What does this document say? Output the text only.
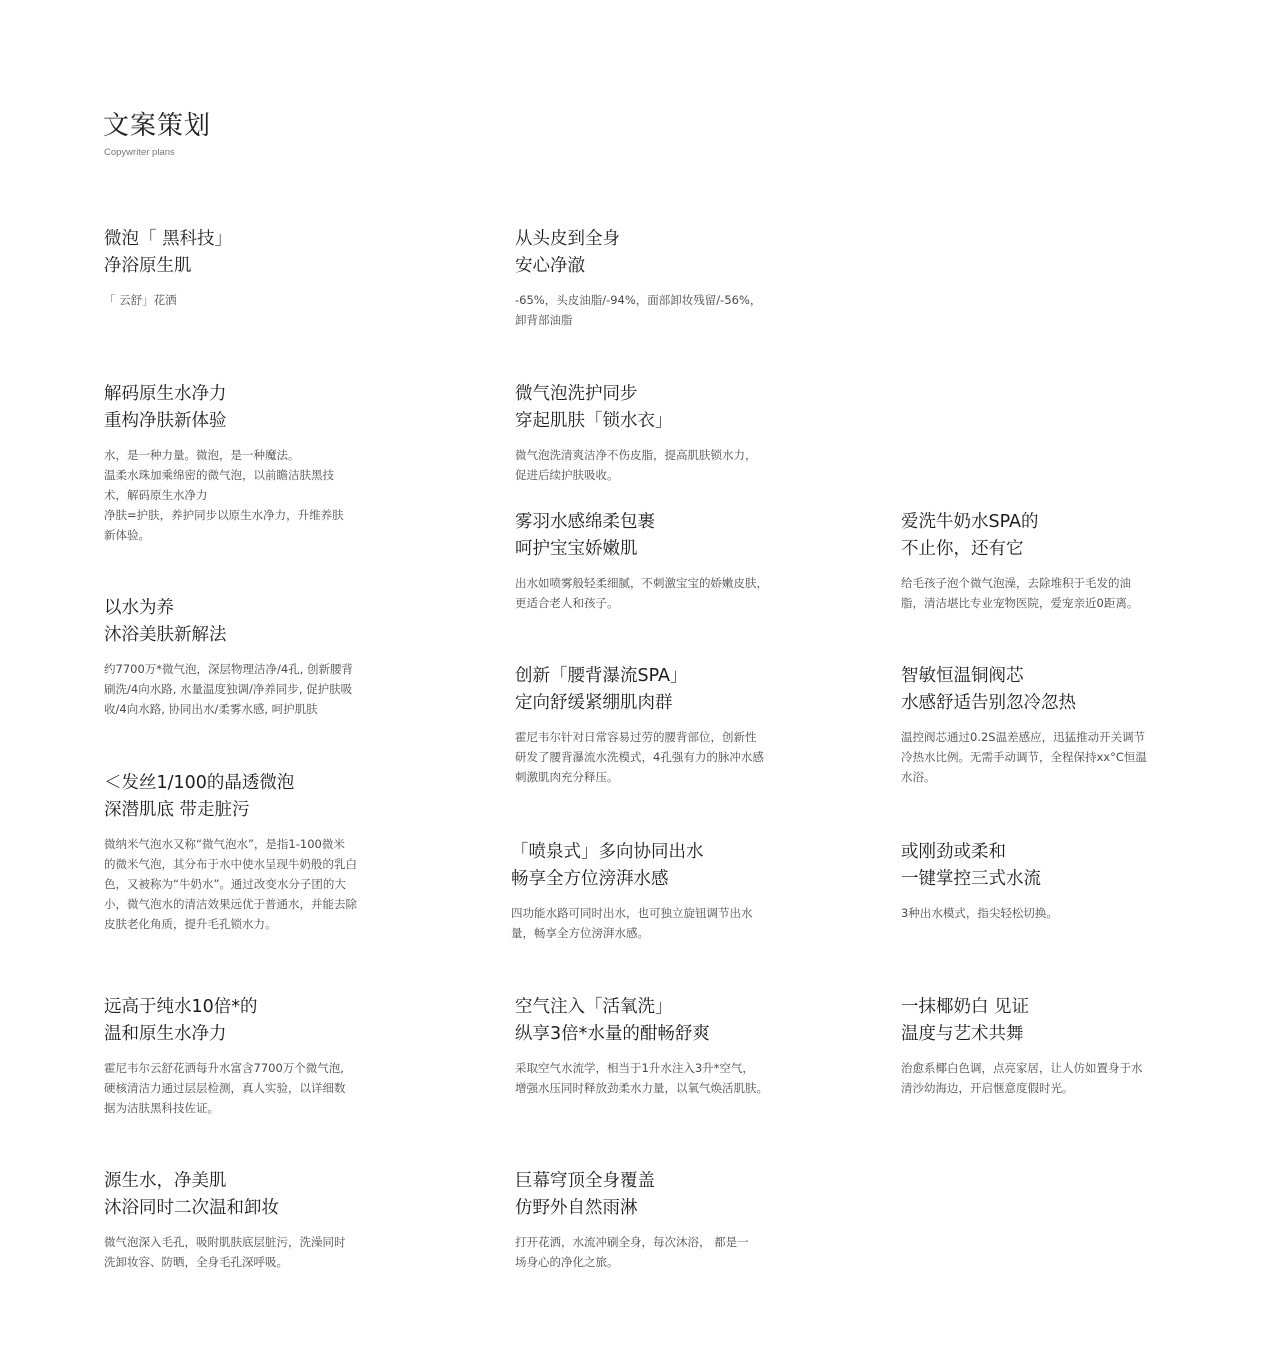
文案策划
Copywriter plans
微泡「 黑科技」
净浴原生肌

「 云舒」花洒

从头皮到全身
安心净澈

-65%，头皮油脂/-94%，面部卸妆残留/-56%，
卸背部油脂

解码原生水净力
重构净肤新体验

水，是一种力量。微泡，是一种魔法。
温柔水珠加乘绵密的微气泡，以前瞻洁肤黑技
术，解码原生水净力
净肤=护肤，养护同步以原生水净力，升维养肤
新体验。

微气泡洗护同步
穿起肌肤「锁水衣」

微气泡洗清爽洁净不伤皮脂，提高肌肤锁水力，
促进后续护肤吸收。

雾羽水感绵柔包裹
呵护宝宝娇嫩肌

出水如喷雾般轻柔细腻，不刺激宝宝的娇嫩皮肤，
更适合老人和孩子。

爱洗牛奶水SPA的
不止你，还有它

给毛孩子泡个微气泡澡，去除堆积于毛发的油
脂，清洁堪比专业宠物医院，爱宠亲近0距离。

以水为养
沐浴美肤新解法

约7700万*微气泡，深层物理洁净/4孔, 创新腰背
刷洗/4向水路, 水量温度独调/净养同步, 促护肤吸
收/4向水路, 协同出水/柔雾水感, 呵护肌肤

创新「腰背瀑流SPA」
定向舒缓紧绷肌肉群

霍尼韦尔针对日常容易过劳的腰背部位，创新性
研发了腰背瀑流水洗模式，4孔强有力的脉冲水感
刺激肌肉充分释压。

智敏恒温铜阀芯
水感舒适告别忽冷忽热

温控阀芯通过0.2S温差感应，迅猛推动开关调节
冷热水比例。无需手动调节，全程保持xx°C恒温
水浴。

＜发丝1/100的晶透微泡
深潜肌底 带走脏污

微纳米气泡水又称“微气泡水”，是指1-100微米
的微米气泡，其分布于水中使水呈现牛奶般的乳白
色，又被称为“牛奶水”。通过改变水分子团的大
小，微气泡水的清洁效果远优于普通水，并能去除
皮肤老化角质，提升毛孔锁水力。

「喷泉式」多向协同出水
畅享全方位滂湃水感

四功能水路可同时出水，也可独立旋钮调节出水
量，畅享全方位滂湃水感。

或刚劲或柔和
一键掌控三式水流

3种出水模式，指尖轻松切换。

远高于纯水10倍*的
温和原生水净力

霍尼韦尔云舒花洒每升水富含7700万个微气泡,
硬核清洁力通过层层检测，真人实验，以详细数
据为洁肤黑科技佐证。

空气注入「活氧洗」
纵享3倍*水量的酣畅舒爽

采取空气水流学，相当于1升水注入3升*空气，
增强水压同时释放劲柔水力量，以氧气焕活肌肤。

一抹椰奶白 见证
温度与艺术共舞

治愈系椰白色调，点亮家居，让人仿如置身于水
清沙幼海边，开启惬意度假时光。

源生水，净美肌
沐浴同时二次温和卸妆

微气泡深入毛孔，吸附肌肤底层脏污，洗澡同时
洗卸妆容、防晒，全身毛孔深呼吸。

巨幕穹顶全身覆盖
仿野外自然雨淋

打开花洒，水流冲刷全身，每次沐浴， 都是一
场身心的净化之旅。
